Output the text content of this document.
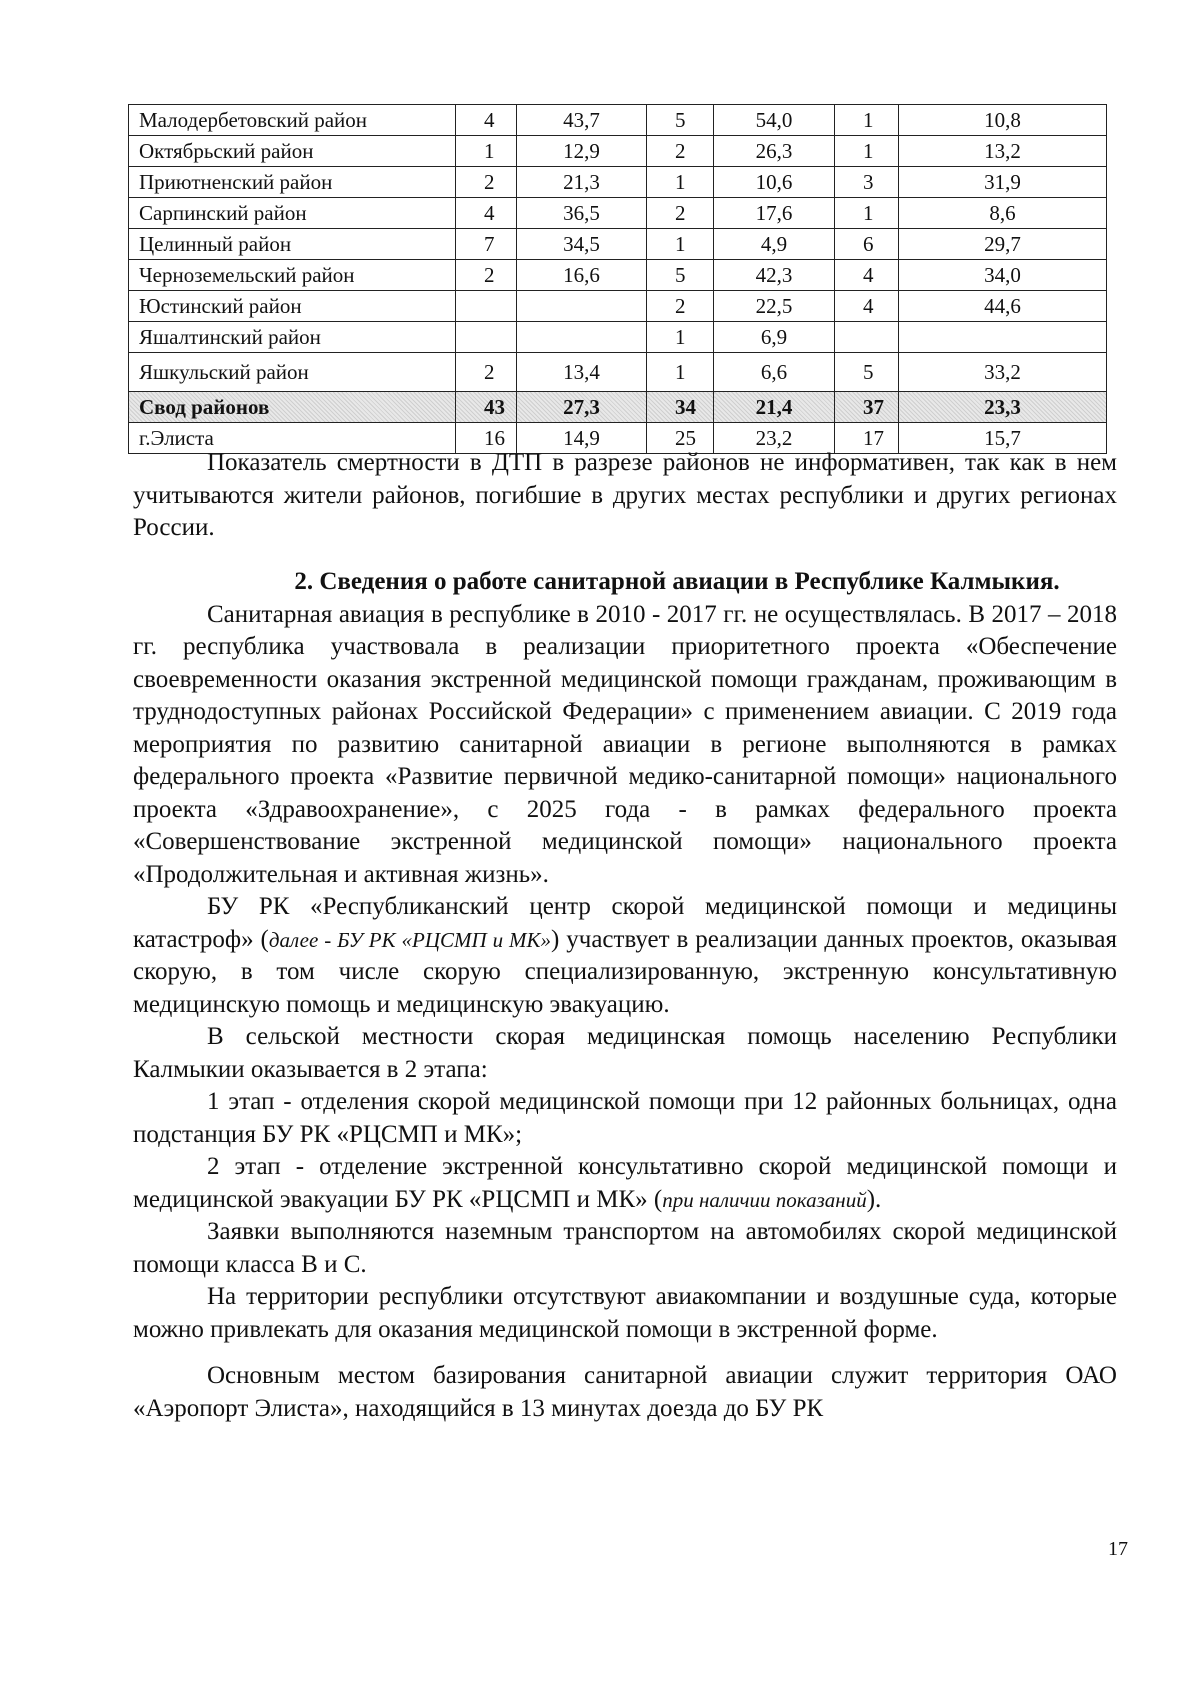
Малодербетовский район	4	43,7	5	54,0	1	10,8
Октябрьский район	1	12,9	2	26,3	1	13,2
Приютненский район	2	21,3	1	10,6	3	31,9
Сарпинский район	4	36,5	2	17,6	1	8,6
Целинный район	7	34,5	1	4,9	6	29,7
Черноземельский район	2	16,6	5	42,3	4	34,0
Юстинский район			2	22,5	4	44,6
Яшалтинский район			1	6,9		
Яшкульский район	2	13,4	1	6,6	5	33,2
Свод районов	43	27,3	34	21,4	37	23,3
г.Элиста	16	14,9	25	23,2	17	15,7

Показатель смертности в ДТП в разрезе районов не информативен, так как в нем учитываются жители районов, погибшие в других местах республики и других регионах России.

2. Сведения о работе санитарной авиации в Республике Калмыкия.

Санитарная авиация в республике в 2010 - 2017 гг. не осуществлялась. В 2017 – 2018 гг. республика участвовала в реализации приоритетного проекта «Обеспечение своевременности оказания экстренной медицинской помощи гражданам, проживающим в труднодоступных районах Российской Федерации» с применением авиации. С 2019 года мероприятия по развитию санитарной авиации в регионе выполняются в рамках федерального проекта «Развитие первичной медико-санитарной помощи» национального проекта «Здравоохранение», с 2025 года - в рамках федерального проекта «Совершенствование экстренной медицинской помощи» национального проекта «Продолжительная и активная жизнь».

БУ РК «Республиканский центр скорой медицинской помощи и медицины катастроф» (далее - БУ РК «РЦСМП и МК») участвует в реализации данных проектов, оказывая скорую, в том числе скорую специализированную, экстренную консультативную медицинскую помощь и медицинскую эвакуацию.

В сельской местности скорая медицинская помощь населению Республики Калмыкии оказывается в 2 этапа:

1 этап - отделения скорой медицинской помощи при 12 районных больницах, одна подстанция БУ РК «РЦСМП и МК»;

2 этап - отделение экстренной консультативно скорой медицинской помощи и медицинской эвакуации БУ РК «РЦСМП и МК» (при наличии показаний).

Заявки выполняются наземным транспортом на автомобилях скорой медицинской помощи класса В и С.

На территории республики отсутствуют авиакомпании и воздушные суда, которые можно привлекать для оказания медицинской помощи в экстренной форме.

Основным местом базирования санитарной авиации служит территория ОАО «Аэропорт Элиста», находящийся в 13 минутах доезда до БУ РК

17
